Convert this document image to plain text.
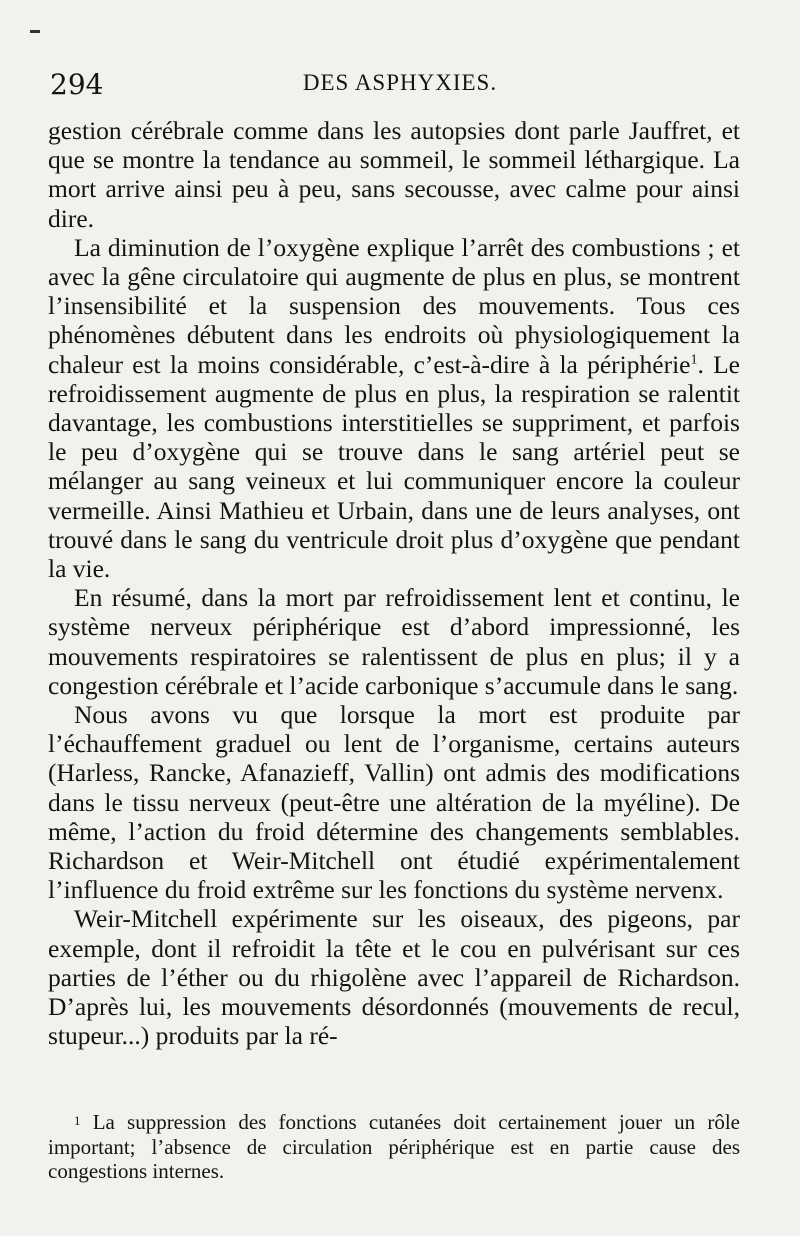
294	DES ASPHYXIES.

gestion cérébrale comme dans les autopsies dont parle Jauffret, et que se montre la tendance au sommeil, le sommeil léthargique. La mort arrive ainsi peu à peu, sans secousse, avec calme pour ainsi dire.

La diminution de l’oxygène explique l’arrêt des combustions ; et avec la gêne circulatoire qui augmente de plus en plus, se montrent l’insensibilité et la suspension des mouvements. Tous ces phénomènes débutent dans les endroits où physiologiquement la chaleur est la moins considérable, c’est-à-dire à la périphérie$^1$. Le refroidissement augmente de plus en plus, la respiration se ralentit davantage, les combustions interstitielles se suppriment, et parfois le peu d’oxygène qui se trouve dans le sang artériel peut se mélanger au sang veineux et lui communiquer encore la couleur vermeille. Ainsi Mathieu et Urbain, dans une de leurs analyses, ont trouvé dans le sang du ventricule droit plus d’oxygène que pendant la vie.

En résumé, dans la mort par refroidissement lent et continu, le système nerveux périphérique est d’abord impressionné, les mouvements respiratoires se ralentissent de plus en plus; il y a congestion cérébrale et l’acide carbonique s’accumule dans le sang.

Nous avons vu que lorsque la mort est produite par l’échauffement graduel ou lent de l’organisme, certains auteurs (Harless, Rancke, Afanazieff, Vallin) ont admis des modifications dans le tissu nerveux (peut-être une altération de la myéline). De même, l’action du froid détermine des changements semblables. Richardson et Weir-Mitchell ont étudié expérimentalement l’influence du froid extrême sur les fonctions du système nervenx.

Weir-Mitchell expérimente sur les oiseaux, des pigeons, par exemple, dont il refroidit la tête et le cou en pulvérisant sur ces parties de l’éther ou du rhigolène avec l’appareil de Richardson. D’après lui, les mouvements désordonnés (mouvements de recul, stupeur...) produits par la ré-

$^1$ La suppression des fonctions cutanées doit certainement jouer un rôle important; l’absence de circulation périphérique est en partie cause des congestions internes.
